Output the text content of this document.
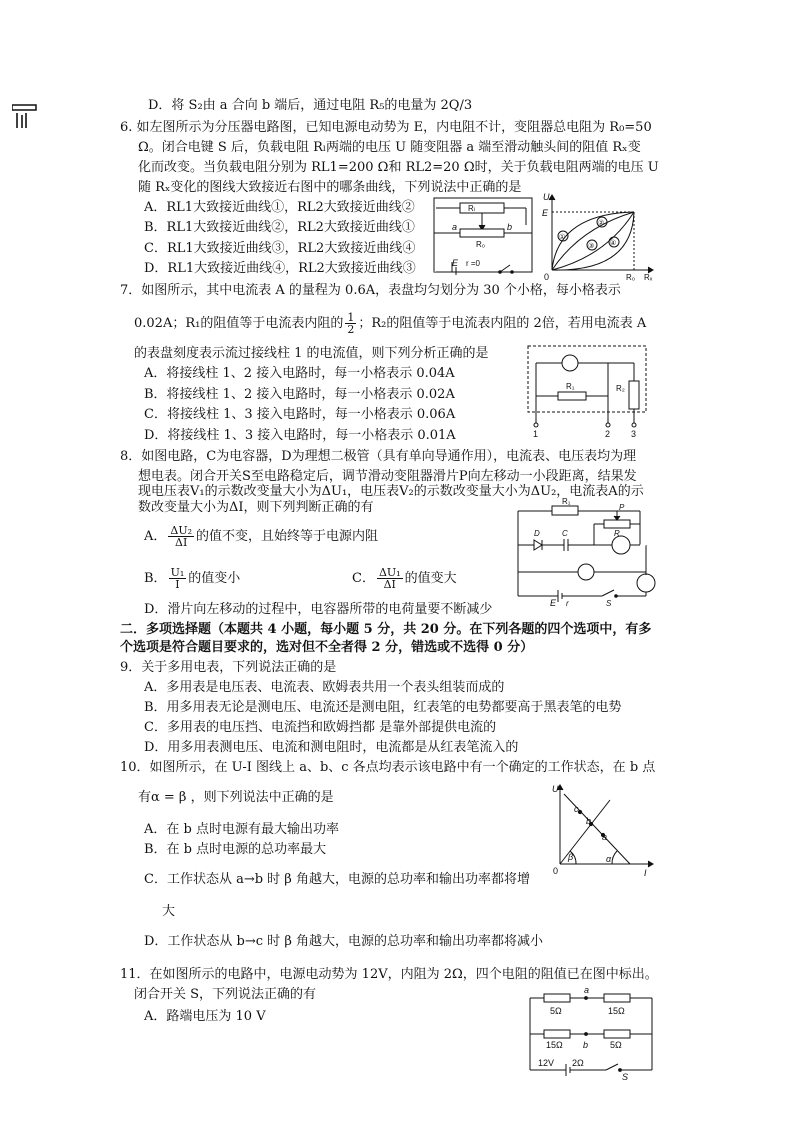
D．将 S₂由 a 合向 b 端后，通过电阻 R₅的电量为 2Q/3
6. 如左图所示为分压器电路图，已知电源电动势为 E，内电阻不计，变阻器总电阻为 R₀=50
Ω。闭合电键 S 后，负载电阻 Rₗ两端的电压 U 随变阻器 a 端至滑动触头间的阻值 Rₓ变
化而改变。当负载电阻分别为 RL1=200 Ω和 RL2=20 Ω时，关于负载电阻两端的电压 U
随 Rₓ变化的图线大致接近右图中的哪条曲线，下列说法中正确的是
A．RL1大致接近曲线①，RL2大致接近曲线②
B．RL1大致接近曲线②，RL2大致接近曲线①
C．RL1大致接近曲线③，RL2大致接近曲线④
D．RL1大致接近曲线④，RL2大致接近曲线③
7．如图所示，其中电流表 A 的量程为 0.6A，表盘均匀划分为 30 个小格，每小格表示
0.02A；R₁的阻值等于电流表内阻的 $\frac{1}{2}$ ；R₂的阻值等于电流表内阻的 2倍，若用电流表 A
的表盘刻度表示流过接线柱 1 的电流值，则下列分析正确的是
A．将接线柱 1、2 接入电路时，每一小格表示 0.04A
B．将接线柱 1、2 接入电路时，每一小格表示 0.02A
C．将接线柱 1、3 接入电路时，每一小格表示 0.06A
D．将接线柱 1、3 接入电路时，每一小格表示 0.01A
8．如图电路，C为电容器，D为理想二极管（具有单向导通作用），电流表、电压表均为理
想电表。闭合开关S至电路稳定后，调节滑动变阻器滑片P向左移动一小段距离，结果发
现电压表V₁的示数改变量大小为ΔU₁，电压表V₂的示数改变量大小为ΔU₂，电流表A的示
数改变量大小为ΔI，则下列判断正确的有
A． $\frac{\text{ΔU₂}}{\Delta I}$ 的值不变，且始终等于电源内阻
B． $\frac{\text{U₁}}{I}$ 的值变小	C． $\frac{\text{ΔU₁}}{\Delta I}$ 的值变大
D．滑片向左移动的过程中，电容器所带的电荷量要不断减少
二．多项选择题（本题共 4 小题，每小题 5 分，共 20 分。在下列各题的四个选项中，有多
个选项是符合题目要求的，选对但不全者得 2 分，错选或不选得 0 分）
9．关于多用电表，下列说法正确的是
A．多用表是电压表、电流表、欧姆表共用一个表头组装而成的
B．用多用表无论是测电压、电流还是测电阻，红表笔的电势都要高于黑表笔的电势
C．多用表的电压挡、电流挡和欧姆挡都 是靠外部提供电流的
D．用多用表测电压、电流和测电阻时，电流都是从红表笔流入的
10．如图所示，在 U-I 图线上 a、b、c 各点均表示该电路中有一个确定的工作状态，在 b 点
有α = β ，则下列说法中正确的是
A．在 b 点时电源有最大输出功率
B．在 b 点时电源的总功率最大
C．工作状态从 a→b 时 β 角越大，电源的总功率和输出功率都将增
大
D．工作状态从 b→c 时 β 角越大，电源的总功率和输出功率都将减小
11．在如图所示的电路中，电源电动势为 12V，内阻为 2Ω，四个电阻的阻值已在图中标出。
闭合开关 S，下列说法正确的有
A．路端电压为 10 V
Rₗ
a	b
R₀
E r =0
U
E
0	R₀ Rₓ
①
②
③ ④
R₁	R₂
1	2 3
R₁
P
D	C	R
E r	S
U
I
0
c
b
a
β	α
a
5Ω	15Ω
15Ω b 5Ω
12V 2Ω
S
